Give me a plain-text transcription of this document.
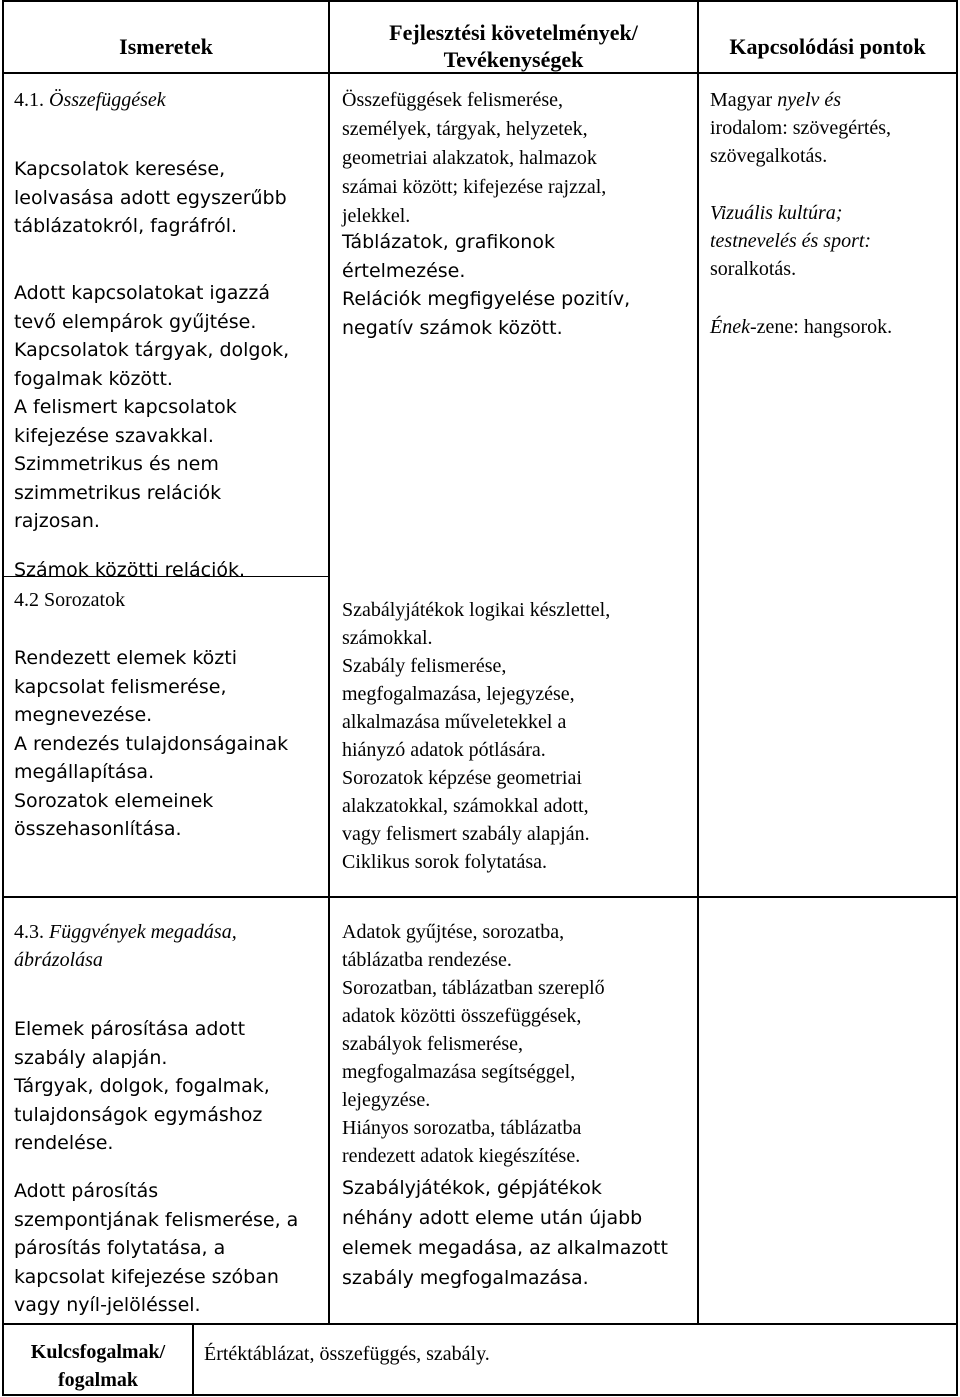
Ismeretek
Fejlesztési követelmények/
Tevékenységek
Kapcsolódási pontok
4.1. Összefüggések
Kapcsolatok keresése,
leolvasása adott egyszerűbb
táblázatokról, fagráfról.
Adott kapcsolatokat igazzá
tevő elempárok gyűjtése.
Kapcsolatok tárgyak, dolgok,
fogalmak között.
A felismert kapcsolatok
kifejezése szavakkal.
Szimmetrikus és nem
szimmetrikus relációk
rajzosan.
Számok közötti relációk.
Összefüggések felismerése,
személyek, tárgyak, helyzetek,
geometriai alakzatok, halmazok
számai között; kifejezése rajzzal,
jelekkel.
Táblázatok, grafikonok
értelmezése.
Relációk megfigyelése pozitív,
negatív számok között.
Magyar nyelv és
irodalom: szövegértés,
szövegalkotás.
Vizuális kultúra;
testnevelés és sport:
soralkotás.
Ének-zene: hangsorok.
4.2 Sorozatok
Rendezett elemek közti
kapcsolat felismerése,
megnevezése.
A rendezés tulajdonságainak
megállapítása.
Sorozatok elemeinek
összehasonlítása.
Szabályjátékok logikai készlettel,
számokkal.
Szabály felismerése,
megfogalmazása, lejegyzése,
alkalmazása műveletekkel a
hiányzó adatok pótlására.
Sorozatok képzése geometriai
alakzatokkal, számokkal adott,
vagy felismert szabály alapján.
Ciklikus sorok folytatása.
4.3. Függvények megadása,
ábrázolása
Elemek párosítása adott
szabály alapján.
Tárgyak, dolgok, fogalmak,
tulajdonságok egymáshoz
rendelése.
Adott párosítás
szempontjának felismerése, a
párosítás folytatása, a
kapcsolat kifejezése szóban
vagy nyíl-jelöléssel.
Adatok gyűjtése, sorozatba,
táblázatba rendezése.
Sorozatban, táblázatban szereplő
adatok közötti összefüggések,
szabályok felismerése,
megfogalmazása segítséggel,
lejegyzése.
Hiányos sorozatba, táblázatba
rendezett adatok kiegészítése.
Szabályjátékok, gépjátékok
néhány adott eleme után újabb
elemek megadása, az alkalmazott
szabály megfogalmazása.
Kulcsfogalmak/
fogalmak
Értéktáblázat, összefüggés, szabály.
